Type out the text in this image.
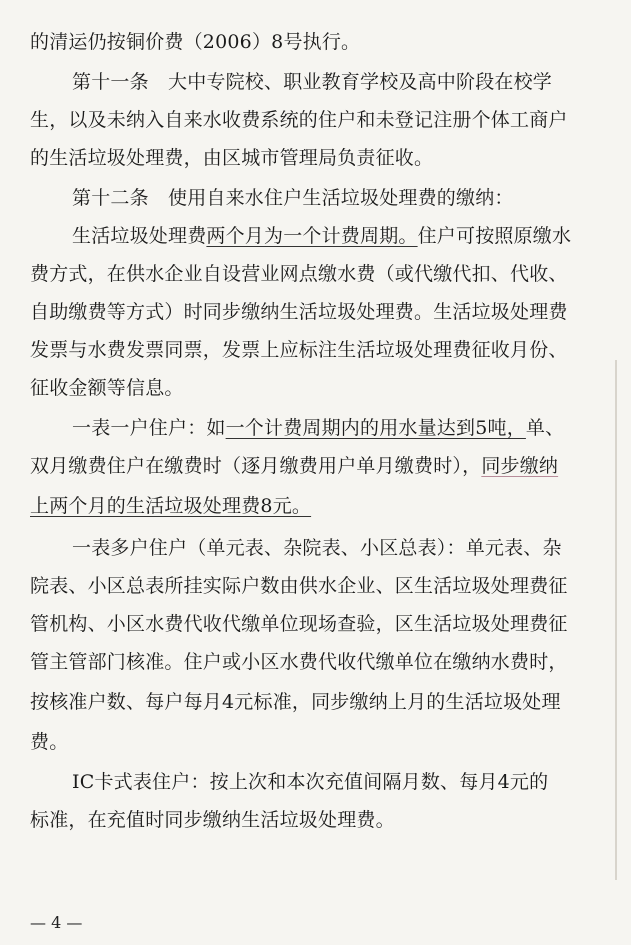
的清运仍按铜价费（2006）8号执行。
第十一条　大中专院校、职业教育学校及高中阶段在校学
生，以及未纳入自来水收费系统的住户和未登记注册个体工商户
的生活垃圾处理费，由区城市管理局负责征收。
第十二条　使用自来水住户生活垃圾处理费的缴纳：
生活垃圾处理费两个月为一个计费周期。住户可按照原缴水
费方式，在供水企业自设营业网点缴水费（或代缴代扣、代收、
自助缴费等方式）时同步缴纳生活垃圾处理费。生活垃圾处理费
发票与水费发票同票，发票上应标注生活垃圾处理费征收月份、
征收金额等信息。
一表一户住户：如一个计费周期内的用水量达到5吨，单、
双月缴费住户在缴费时（逐月缴费用户单月缴费时），同步缴纳
上两个月的生活垃圾处理费8元。
一表多户住户（单元表、杂院表、小区总表）：单元表、杂
院表、小区总表所挂实际户数由供水企业、区生活垃圾处理费征
管机构、小区水费代收代缴单位现场查验，区生活垃圾处理费征
管主管部门核准。住户或小区水费代收代缴单位在缴纳水费时，
按核准户数、每户每月4元标准，同步缴纳上月的生活垃圾处理
费。
IC卡式表住户：按上次和本次充值间隔月数、每月4元的
标准，在充值时同步缴纳生活垃圾处理费。
— 4 —
